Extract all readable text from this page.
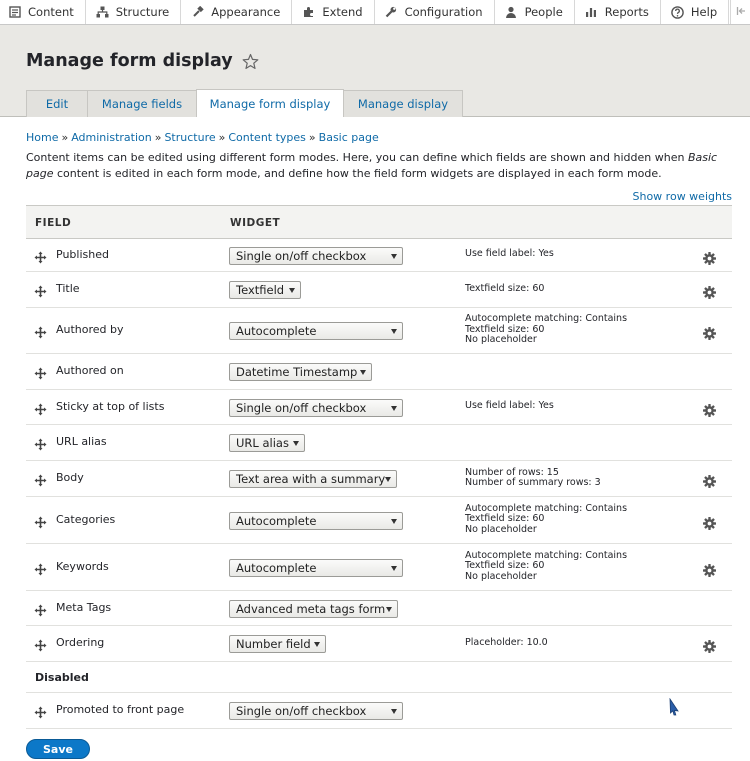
Content	Structure	Appearance	Extend	Configuration	People	Reports	Help
Manage form display
Edit	Manage fields	Manage form display	Manage display
Home » Administration » Structure » Content types » Basic page
Content items can be edited using different form modes. Here, you can define which fields are shown and hidden when Basic page content is edited in each form mode, and define how the field form widgets are displayed in each form mode.
Show row weights
FIELD	WIDGET
Published	Single on/off checkbox	Use field label: Yes
Title	Textfield	Textfield size: 60
Authored by	Autocomplete
Autocomplete matching: Contains
Textfield size: 60
No placeholder
Authored on	Datetime Timestamp
Sticky at top of lists	Single on/off checkbox	Use field label: Yes
URL alias	URL alias
Body	Text area with a summary	Number of rows: 15
Number of summary rows: 3
Categories	Autocomplete
Autocomplete matching: Contains
Textfield size: 60
No placeholder
Keywords	Autocomplete
Autocomplete matching: Contains
Textfield size: 60
No placeholder
Meta Tags	Advanced meta tags form
Ordering	Number field	Placeholder: 10.0
Disabled
Promoted to front page	Single on/off checkbox
Save
